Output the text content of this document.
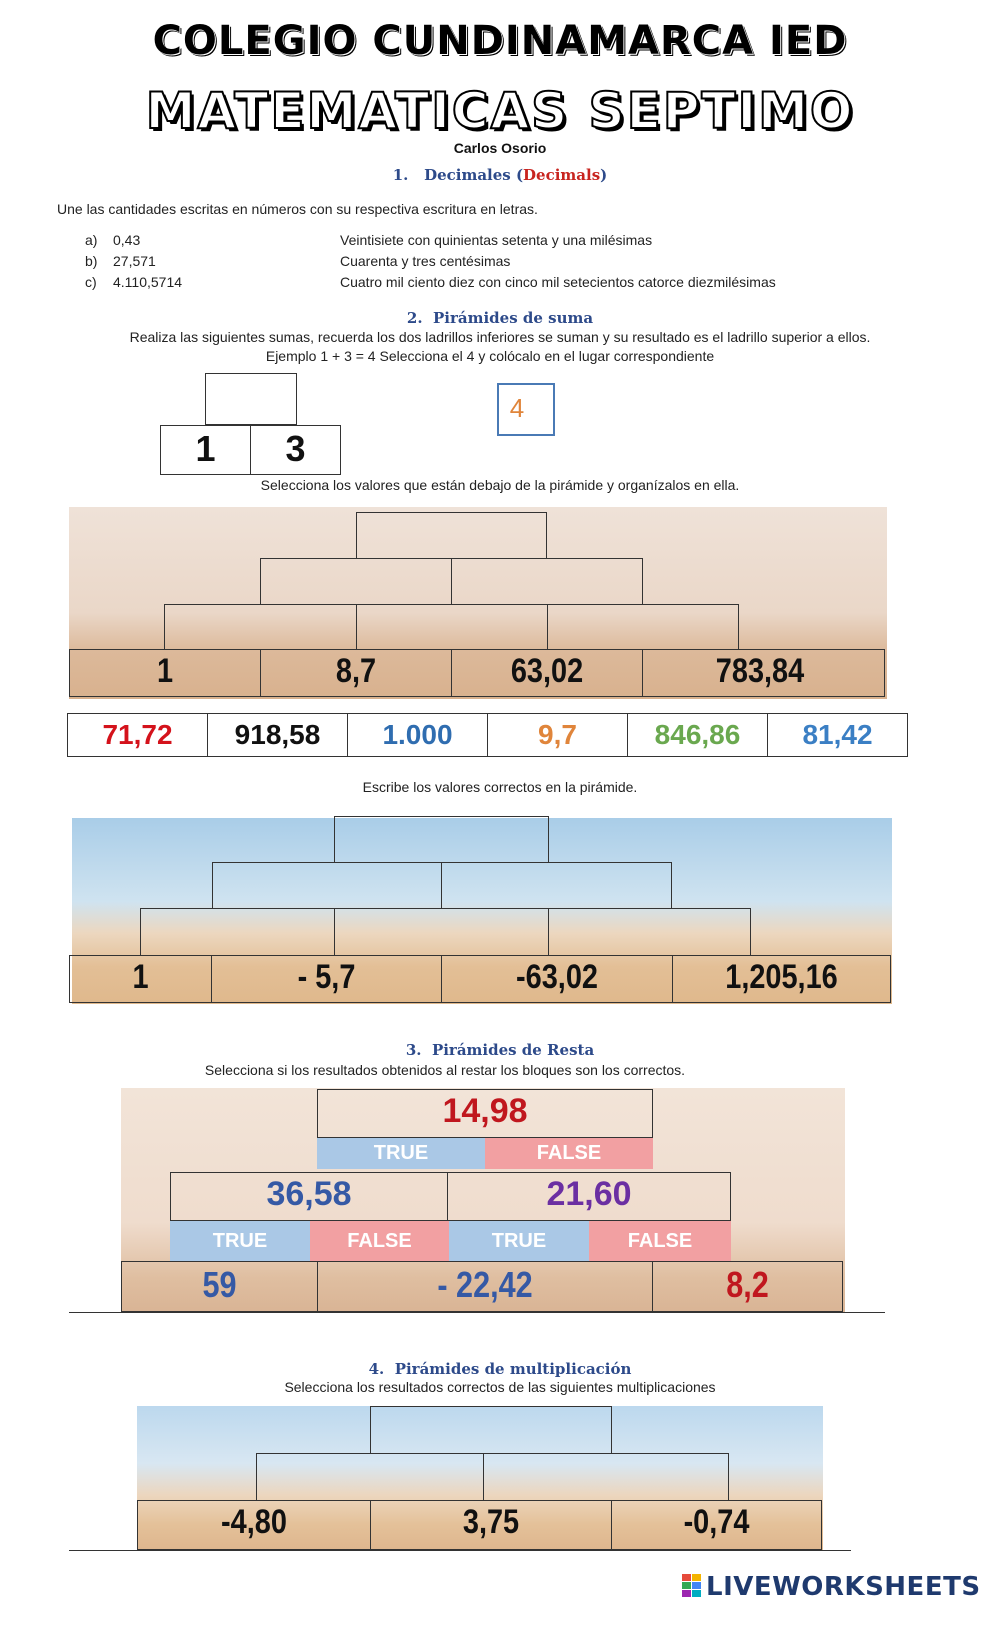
COLEGIO CUNDINAMARCA IED
MATEMATICAS SEPTIMO
Carlos Osorio
1. Decimales (Decimals)
Une las cantidades escritas en números con su respectiva escritura en letras.
a) 0,43	Veintisiete con quinientas setenta y una milésimas
b) 27,571	Cuarenta y tres centésimas
c) 4.110,5714	Cuatro mil ciento diez con cinco mil setecientos catorce diezmilésimas
2. Pirámides de suma
Realiza las siguientes sumas, recuerda los dos ladrillos inferiores se suman y su resultado es el ladrillo superior a ellos.
Ejemplo 1 + 3 = 4 Selecciona el 4 y colócalo en el lugar correspondiente
1	3
4
Selecciona los valores que están debajo de la pirámide y organízalos en ella.
1	8,7	63,02	783,84
71,72	918,58	1.000	9,7	846,86	81,42
Escribe los valores correctos en la pirámide.
1	- 5,7	-63,02	1,205,16
3. Pirámides de Resta
Selecciona si los resultados obtenidos al restar los bloques son los correctos.
14,98
TRUE	FALSE
36,58	21,60
TRUE	FALSE	TRUE	FALSE
59	- 22,42	8,2
4. Pirámides de multiplicación
Selecciona los resultados correctos de las siguientes multiplicaciones
-4,80	3,75	-0,74
LIVEWORKSHEETS
